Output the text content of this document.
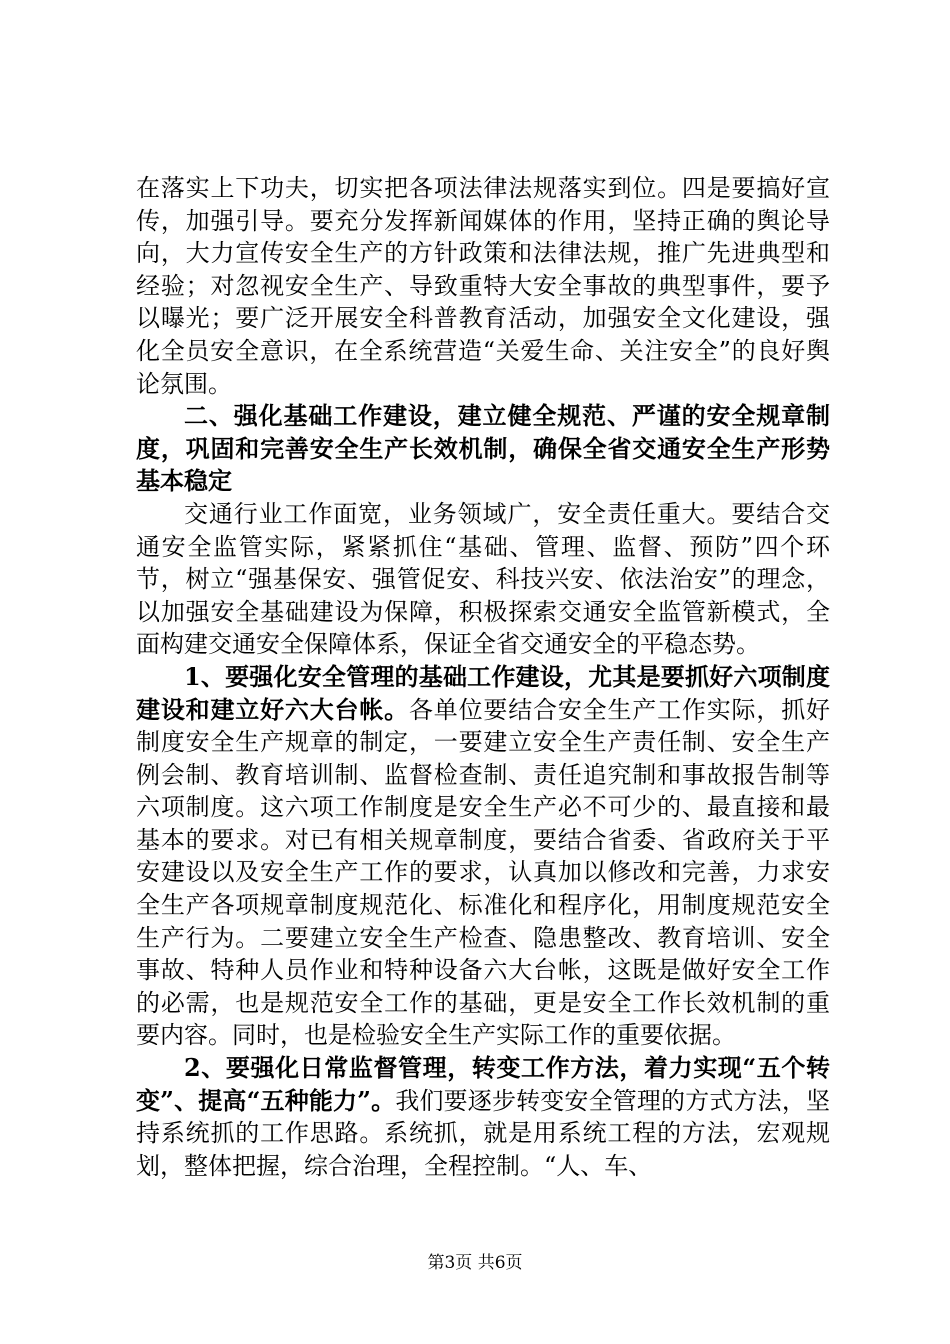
在落实上下功夫，切实把各项法律法规落实到位。四是要搞好宣传，加强引导。要充分发挥新闻媒体的作用，坚持正确的舆论导向，大力宣传安全生产的方针政策和法律法规，推广先进典型和经验；对忽视安全生产、导致重特大安全事故的典型事件，要予以曝光；要广泛开展安全科普教育活动，加强安全文化建设，强化全员安全意识，在全系统营造“关爱生命、关注安全”的良好舆论氛围。

二、强化基础工作建设，建立健全规范、严谨的安全规章制度，巩固和完善安全生产长效机制，确保全省交通安全生产形势基本稳定

交通行业工作面宽，业务领域广，安全责任重大。要结合交通安全监管实际，紧紧抓住“基础、管理、监督、预防”四个环节，树立“强基保安、强管促安、科技兴安、依法治安”的理念，以加强安全基础建设为保障，积极探索交通安全监管新模式，全面构建交通安全保障体系，保证全省交通安全的平稳态势。

1、要强化安全管理的基础工作建设，尤其是要抓好六项制度建设和建立好六大台帐。各单位要结合安全生产工作实际，抓好制度安全生产规章的制定，一要建立安全生产责任制、安全生产例会制、教育培训制、监督检查制、责任追究制和事故报告制等六项制度。这六项工作制度是安全生产必不可少的、最直接和最基本的要求。对已有相关规章制度，要结合省委、省政府关于平安建设以及安全生产工作的要求，认真加以修改和完善，力求安全生产各项规章制度规范化、标准化和程序化，用制度规范安全生产行为。二要建立安全生产检查、隐患整改、教育培训、安全事故、特种人员作业和特种设备六大台帐，这既是做好安全工作的必需，也是规范安全工作的基础，更是安全工作长效机制的重要内容。同时，也是检验安全生产实际工作的重要依据。

2、要强化日常监督管理，转变工作方法，着力实现“五个转变”、提高“五种能力”。我们要逐步转变安全管理的方式方法，坚持系统抓的工作思路。系统抓，就是用系统工程的方法，宏观规划，整体把握，综合治理，全程控制。“人、车、

第3页 共6页
